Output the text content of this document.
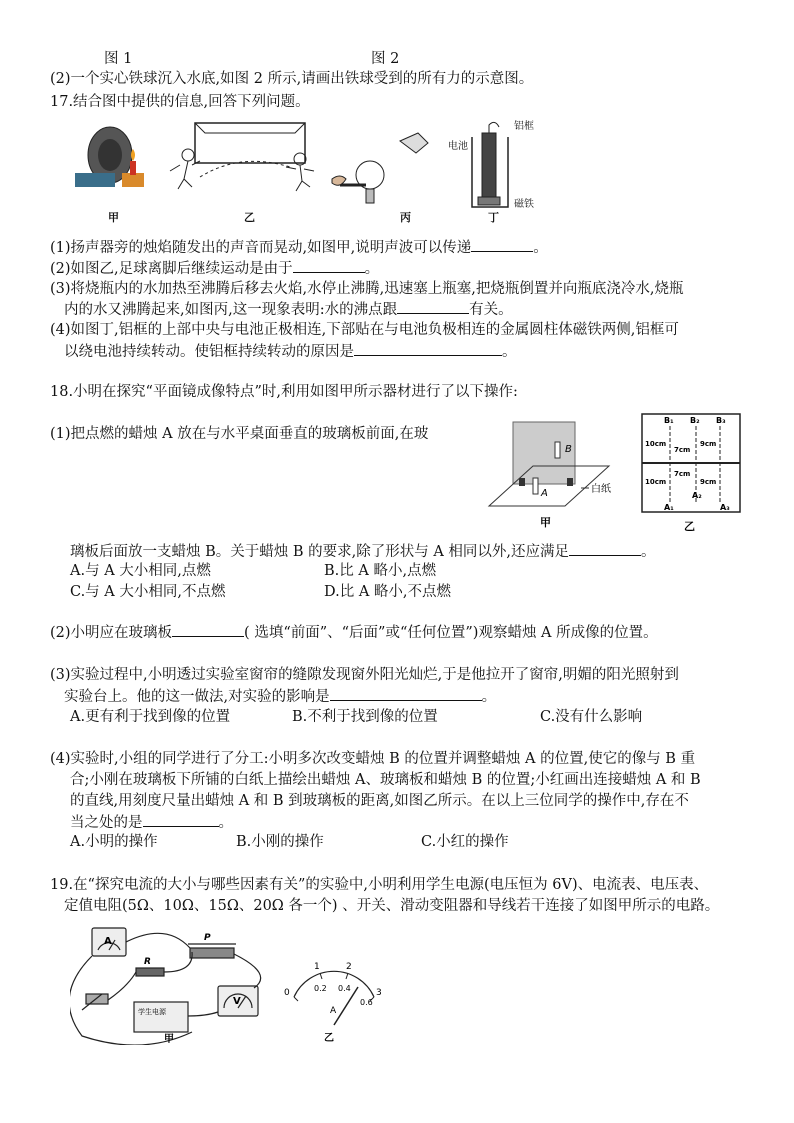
图 1	图 2
(2)一个实心铁球沉入水底,如图 2 所示,请画出铁球受到的所有力的示意图。
17.结合图中提供的信息,回答下列问题。
电池
铝框
磁铁
甲	乙	丙	丁
(1)扬声器旁的烛焰随发出的声音而晃动,如图甲,说明声波可以传递	。
(2)如图乙,足球离脚后继续运动是由于	。
(3)将烧瓶内的水加热至沸腾后移去火焰,水停止沸腾,迅速塞上瓶塞,把烧瓶倒置并向瓶底浇冷水,烧瓶
内的水又沸腾起来,如图丙,这一现象表明:水的沸点跟	有关。
(4)如图丁,铝框的上部中央与电池正极相连,下部贴在与电池负极相连的金属圆柱体磁铁两侧,铝框可
以绕电池持续转动。使铝框持续转动的原因是	。
18.小明在探究“平面镜成像特点”时,利用如图甲所示器材进行了以下操作:
(1)把点燃的蜡烛 A 放在与水平桌面垂直的玻璃板前面,在玻
A
B
白纸
甲
B₁ B₂ B₃
10cm
10cm
7cm
7cm
9cm
9cm
A₁
A₂
A₃
乙
璃板后面放一支蜡烛 B。关于蜡烛 B 的要求,除了形状与 A 相同以外,还应满足	。
A.与 A 大小相同,点燃	B.比 A 略小,点燃
C.与 A 大小相同,不点燃	D.比 A 略小,不点燃
(2)小明应在玻璃板	( 选填“前面”、“后面”或“任何位置”)观察蜡烛 A 所成像的位置。
(3)实验过程中,小明透过实验室窗帘的缝隙发现窗外阳光灿烂,于是他拉开了窗帘,明媚的阳光照射到
实验台上。他的这一做法,对实验的影响是	。
A.更有利于找到像的位置	B.不利于找到像的位置	C.没有什么影响
(4)实验时,小组的同学进行了分工:小明多次改变蜡烛 B 的位置并调整蜡烛 A 的位置,使它的像与 B 重
合;小刚在玻璃板下所铺的白纸上描绘出蜡烛 A、玻璃板和蜡烛 B 的位置;小红画出连接蜡烛 A 和 B
的直线,用刻度尺量出蜡烛 A 和 B 到玻璃板的距离,如图乙所示。在以上三位同学的操作中,存在不
当之处的是	。
A.小明的操作	B.小刚的操作	C.小红的操作
19.在“探究电流的大小与哪些因素有关”的实验中,小明利用学生电源(电压恒为 6V)、电流表、电压表、
定值电阻(5Ω、10Ω、15Ω、20Ω 各一个) 、开关、滑动变阻器和导线若干连接了如图甲所示的电路。
A
R
P
V
学生电源
甲
0
1	2
3
0.2 0.4
0.6
A
乙
